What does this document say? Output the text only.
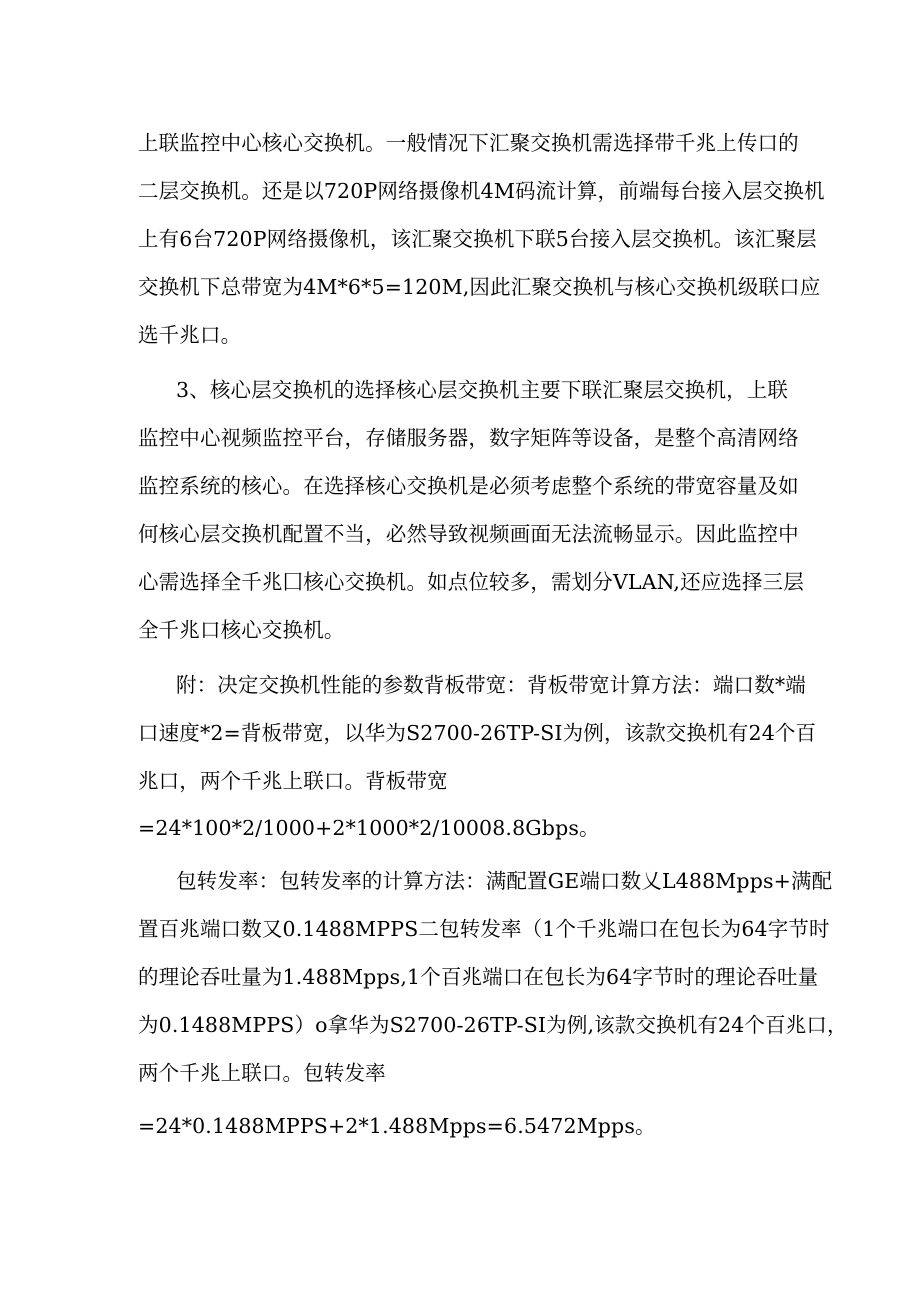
上联监控中心核心交换机。一般情况下汇聚交换机需选择带千兆上传口的
二层交换机。还是以720P网络摄像机4M码流计算，前端每台接入层交换机
上有6台720P网络摄像机，该汇聚交换机下联5台接入层交换机。该汇聚层
交换机下总带宽为4M*6*5=120M,因此汇聚交换机与核心交换机级联口应
选千兆口。
3、核心层交换机的选择核心层交换机主要下联汇聚层交换机，上联
监控中心视频监控平台，存储服务器，数字矩阵等设备，是整个高清网络
监控系统的核心。在选择核心交换机是必须考虑整个系统的带宽容量及如
何核心层交换机配置不当，必然导致视频画面无法流畅显示。因此监控中
心需选择全千兆囗核心交换机。如点位较多，需划分VLAN,还应选择三层
全千兆口核心交换机。
附：决定交换机性能的参数背板带宽：背板带宽计算方法：端口数*端
口速度*2=背板带宽，以华为S2700-26TP-SI为例，该款交换机有24个百
兆口，两个千兆上联口。背板带宽
=24*100*2/1000+2*1000*2/10008.8Gbps。
包转发率：包转发率的计算方法：满配置GE端口数乂L488Mpps+满配
置百兆端口数又0.1488MPPS二包转发率（1个千兆端口在包长为64字节时
的理论吞吐量为1.488Mpps,1个百兆端口在包长为64字节时的理论吞吐量
为0.1488MPPS）o拿华为S2700-26TP-SI为例,该款交换机有24个百兆口，
两个千兆上联口。包转发率
=24*0.1488MPPS+2*1.488Mpps=6.5472Mpps。
